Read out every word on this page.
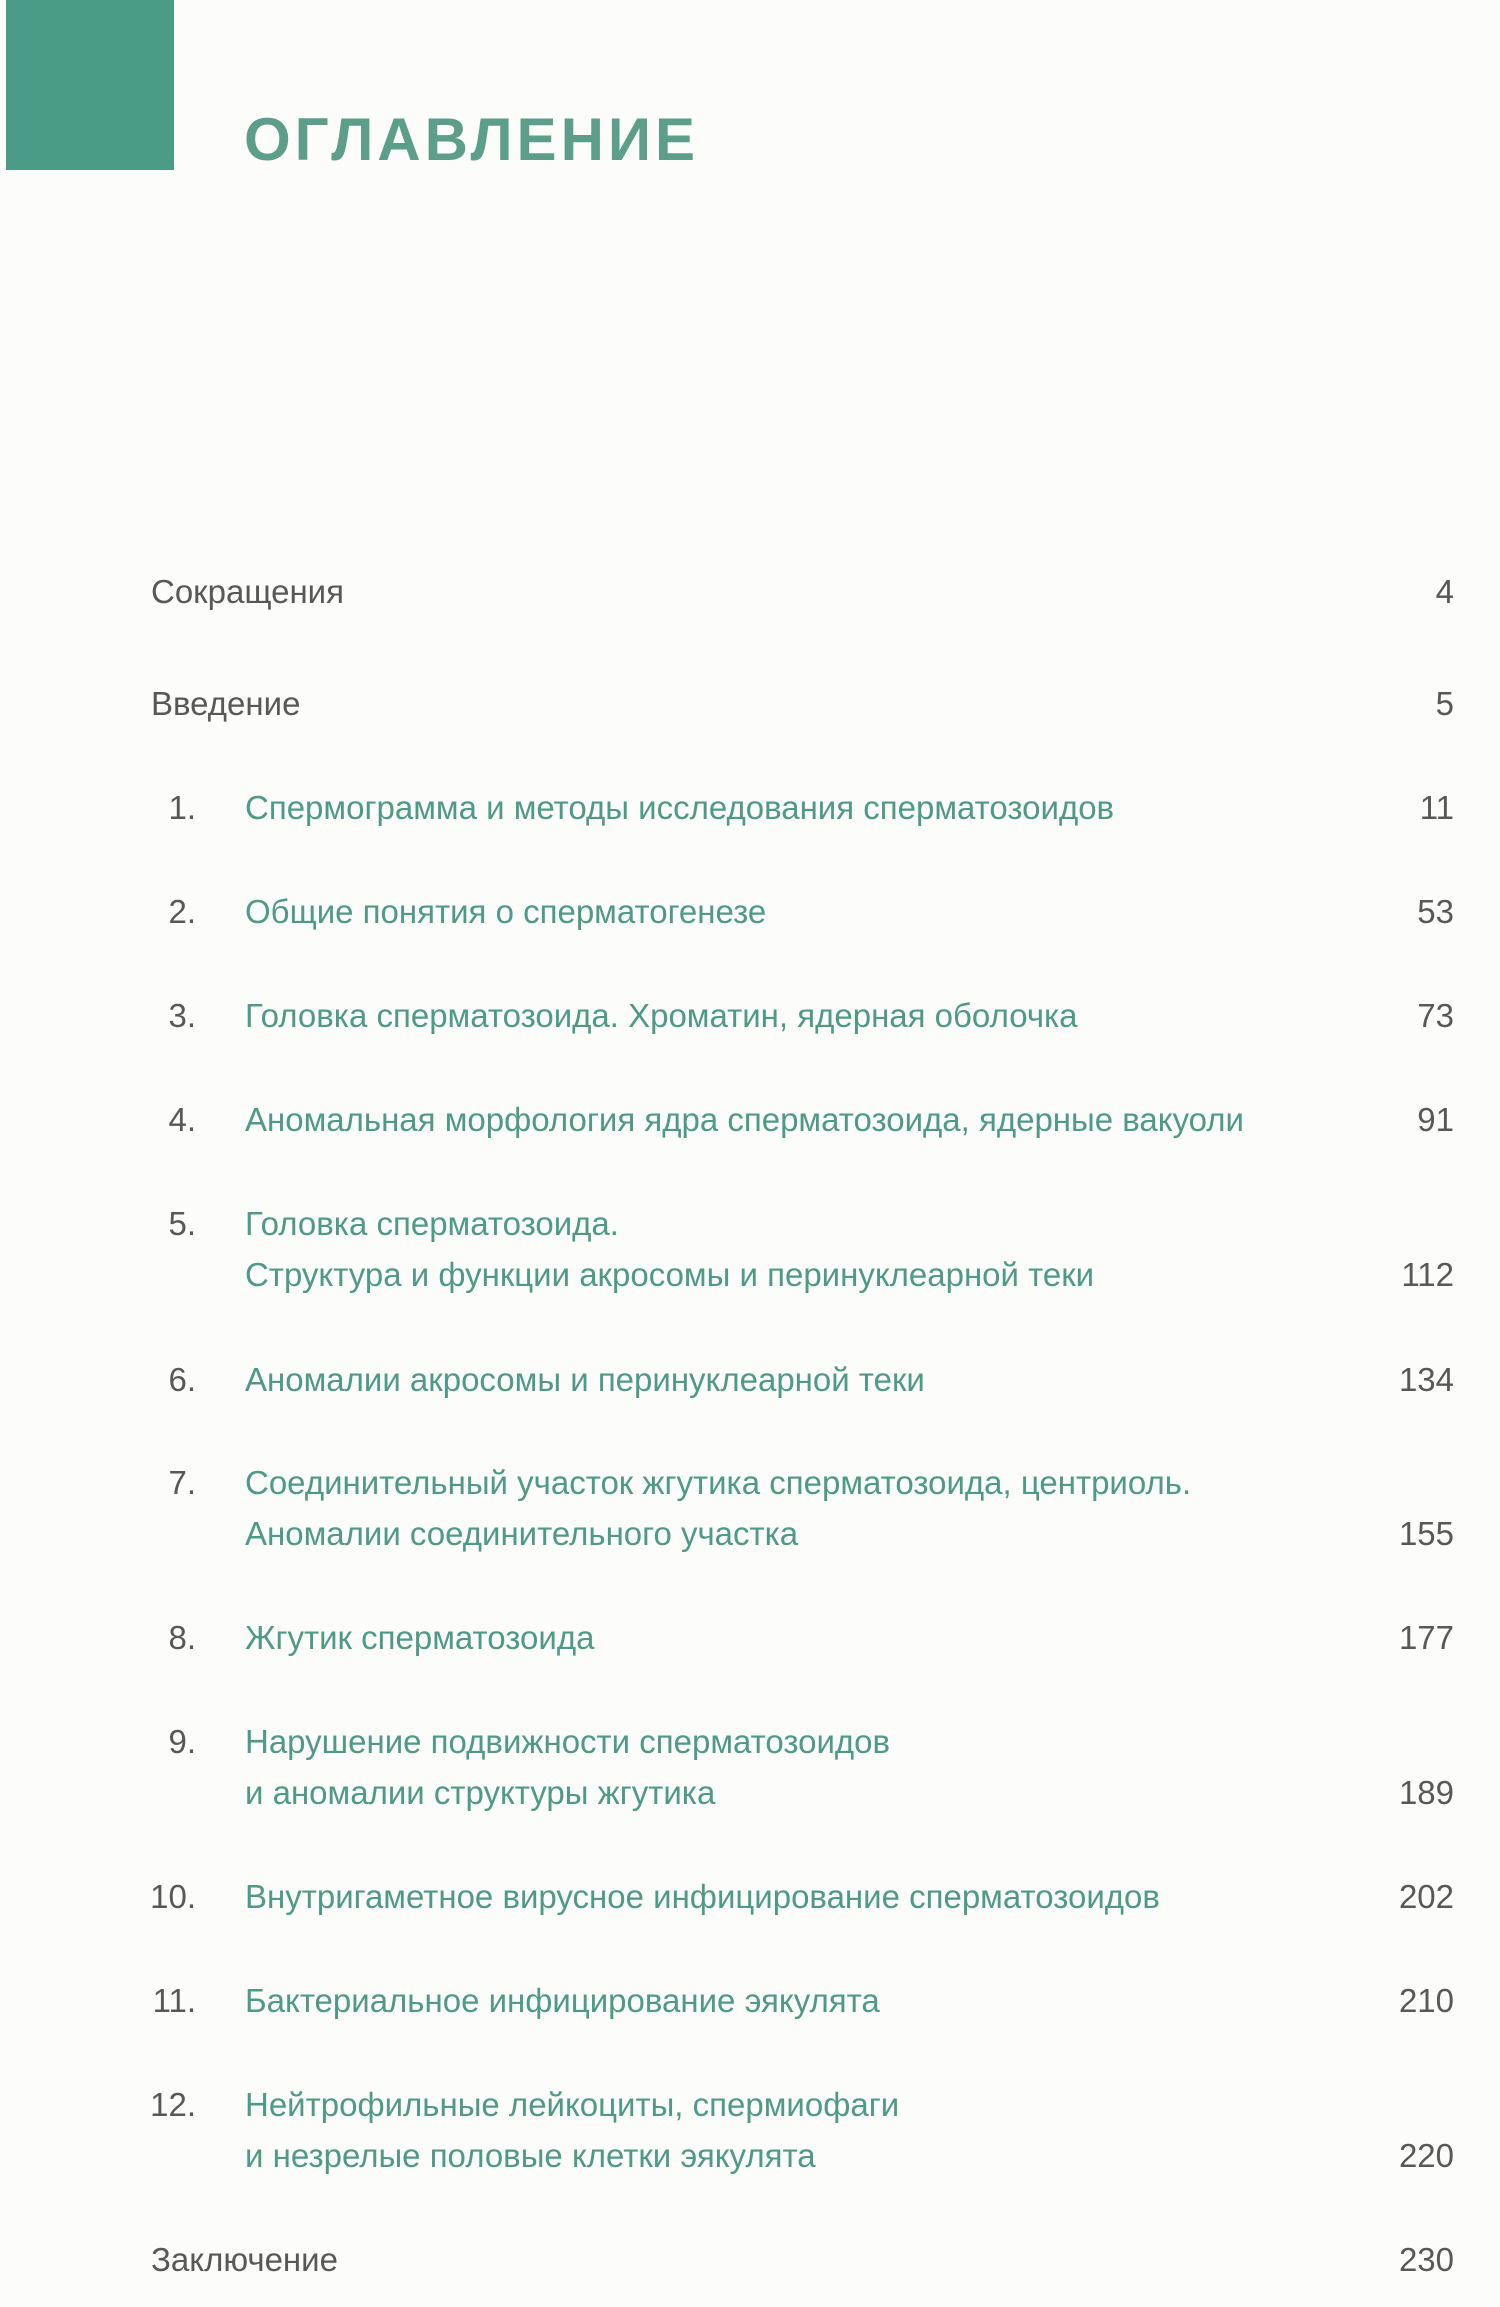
ОГЛАВЛЕНИЕ
Сокращения	4
Введение	5
1. Спермограмма и методы исследования сперматозоидов	11
2. Общие понятия о сперматогенезе	53
3. Головка сперматозоида. Хроматин, ядерная оболочка	73
4. Аномальная морфология ядра сперматозоида, ядерные вакуоли	91
5. Головка сперматозоида.
Структура и функции акросомы и перинуклеарной теки	112
6. Аномалии акросомы и перинуклеарной теки	134
7. Соединительный участок жгутика сперматозоида, центриоль.
Аномалии соединительного участка	155
8. Жгутик сперматозоида	177
9. Нарушение подвижности сперматозоидов
и аномалии структуры жгутика	189
10. Внутригаметное вирусное инфицирование сперматозоидов	202
11. Бактериальное инфицирование эякулята	210
12. Нейтрофильные лейкоциты, спермиофаги
и незрелые половые клетки эякулята	220
Заключение	230
